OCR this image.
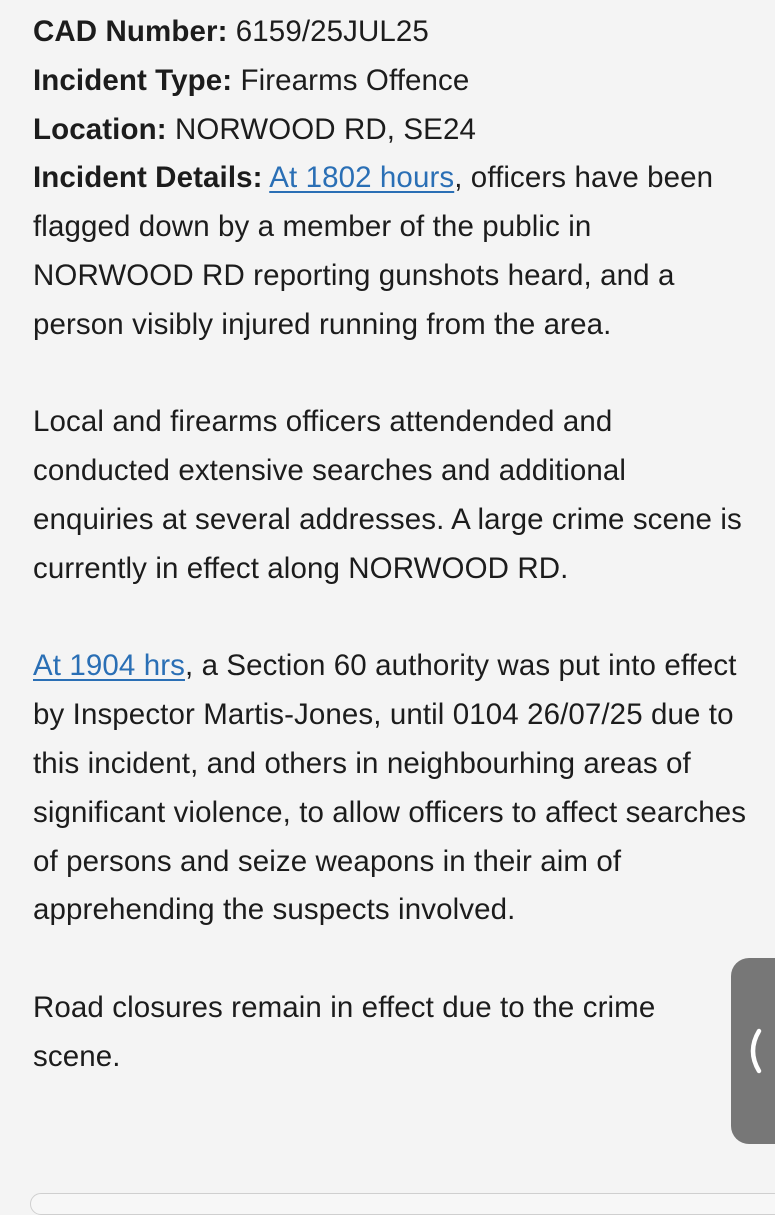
CAD Number: 6159/25JUL25

Incident Type: Firearms Offence

Location: NORWOOD RD, SE24

Incident Details: At 1802 hours, officers have been flagged down by a member of the public in NORWOOD RD reporting gunshots heard, and a person visibly injured running from the area.

Local and firearms officers attendended and conducted extensive searches and additional enquiries at several addresses. A large crime scene is currently in effect along NORWOOD RD.

At 1904 hrs, a Section 60 authority was put into effect by Inspector Martis-Jones, until 0104 26/07/25 due to this incident, and others in neighbourhing areas of significant violence, to allow officers to affect searches of persons and seize weapons in their aim of apprehending the suspects involved.

Road closures remain in effect due to the crime scene.
